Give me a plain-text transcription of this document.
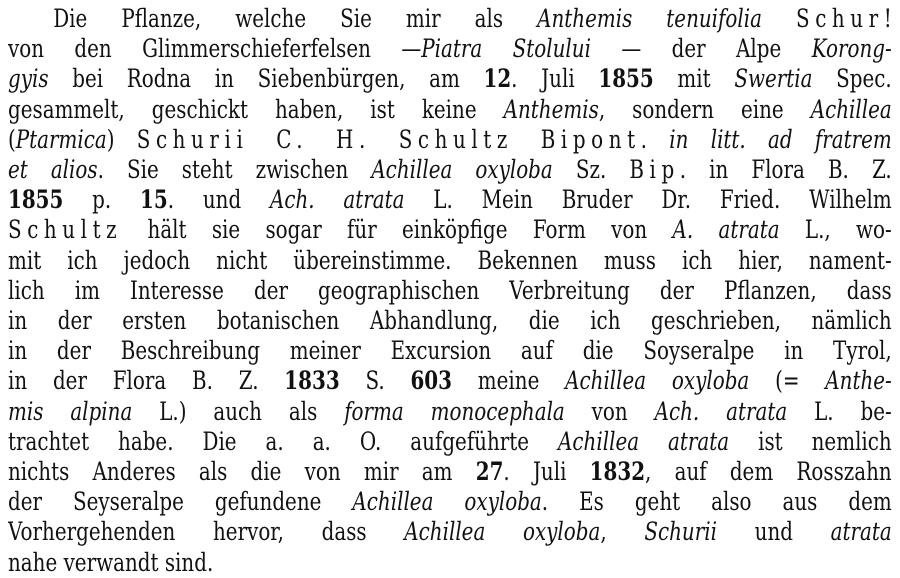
Die Pflanze, welche Sie mir als Anthemis tenuifolia Schur!
von den Glimmerschieferfelsen —Piatra Stolului — der Alpe Korong-
gyis bei Rodna in Siebenbürgen, am 12. Juli 1855 mit Swertia Spec.
gesammelt, geschickt haben, ist keine Anthemis, sondern eine Achillea
(Ptarmica) Schurii C. H. Schultz Bipont. in litt. ad fratrem
et alios. Sie steht zwischen Achillea oxyloba Sz. Bip. in Flora B. Z.
1855 p. 15. und Ach. atrata L. Mein Bruder Dr. Fried. Wilhelm
Schultz hält sie sogar für einköpfige Form von A. atrata L., wo-
mit ich jedoch nicht übereinstimme. Bekennen muss ich hier, nament-
lich im Interesse der geographischen Verbreitung der Pflanzen, dass
in der ersten botanischen Abhandlung, die ich geschrieben, nämlich
in der Beschreibung meiner Excursion auf die Soyseralpe in Tyrol,
in der Flora B. Z. 1833 S. 603 meine Achillea oxyloba (= Anthe-
mis alpina L.) auch als forma monocephala von Ach. atrata L. be-
trachtet habe. Die a. a. O. aufgeführte Achillea atrata ist nemlich
nichts Anderes als die von mir am 27. Juli 1832, auf dem Rosszahn
der Seyseralpe gefundene Achillea oxyloba. Es geht also aus dem
Vorhergehenden hervor, dass Achillea oxyloba, Schurii und atrata
nahe verwandt sind.
